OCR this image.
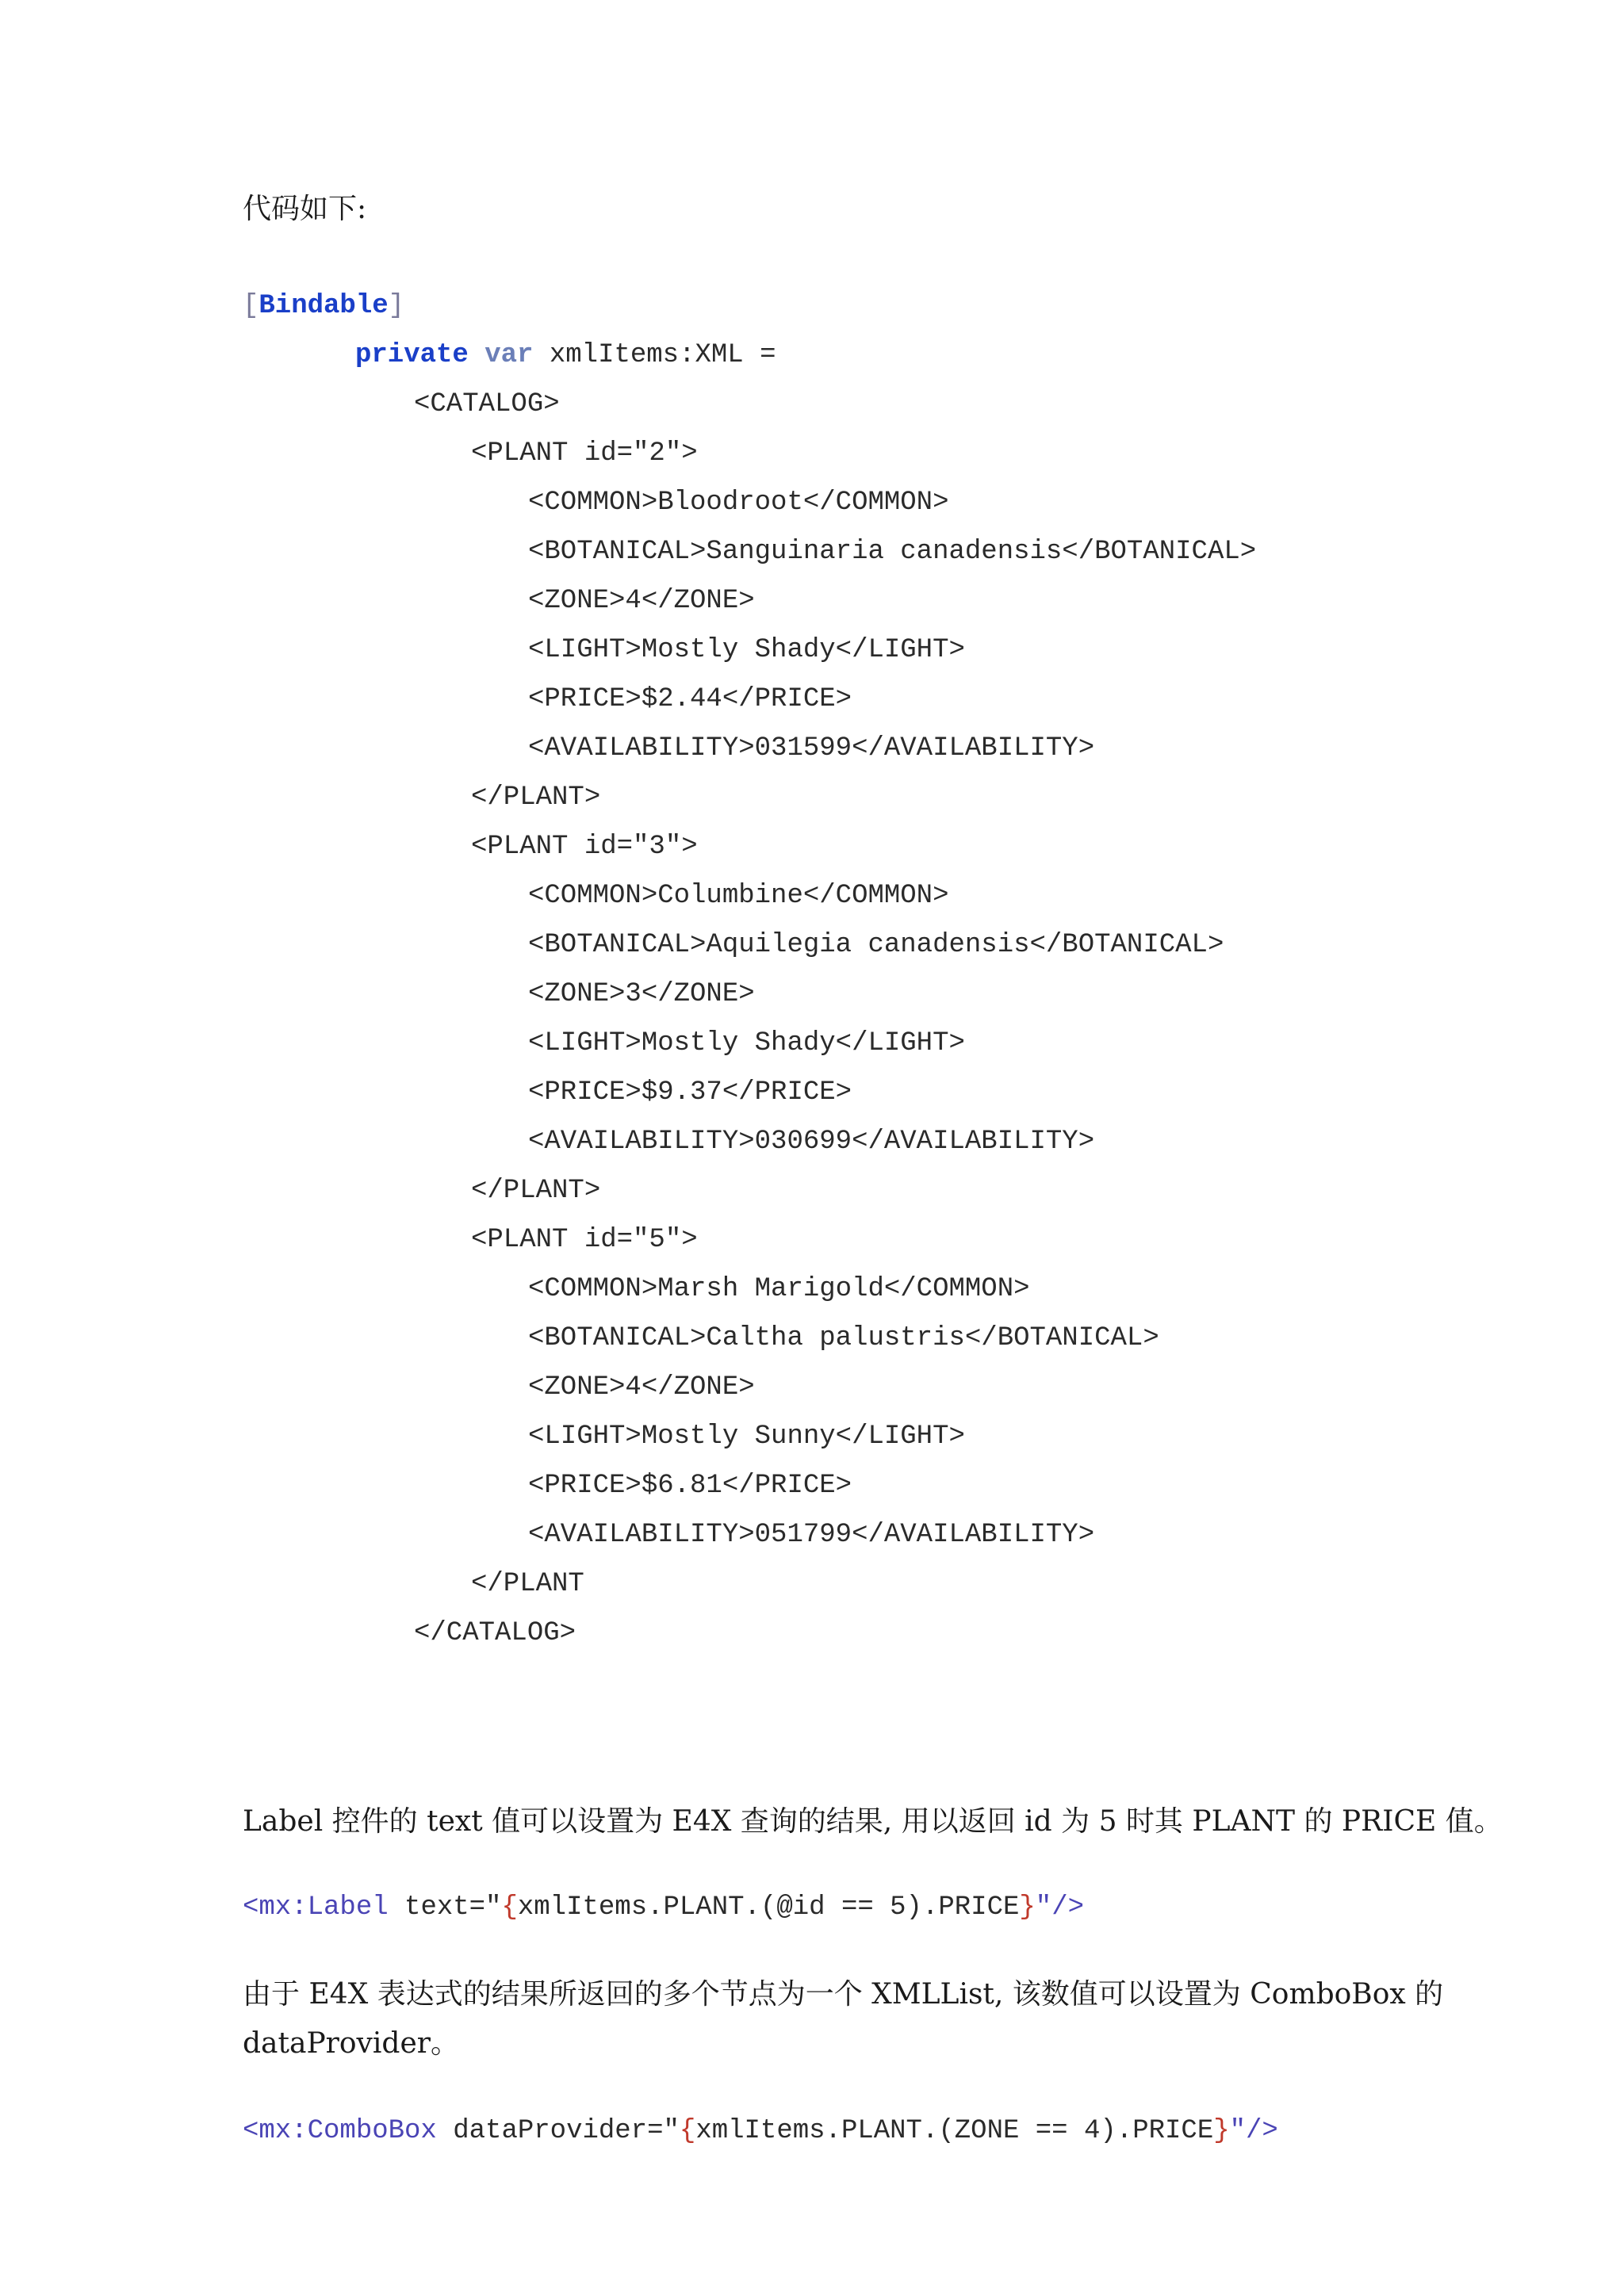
代码如下:
[Bindable]
private var xmlItems:XML =
<CATALOG>
<PLANT id="2">
<COMMON>Bloodroot</COMMON>
<BOTANICAL>Sanguinaria canadensis</BOTANICAL>
<ZONE>4</ZONE>
<LIGHT>Mostly Shady</LIGHT>
<PRICE>$2.44</PRICE>
<AVAILABILITY>031599</AVAILABILITY>
</PLANT>
<PLANT id="3">
<COMMON>Columbine</COMMON>
<BOTANICAL>Aquilegia canadensis</BOTANICAL>
<ZONE>3</ZONE>
<LIGHT>Mostly Shady</LIGHT>
<PRICE>$9.37</PRICE>
<AVAILABILITY>030699</AVAILABILITY>
</PLANT>
<PLANT id="5">
<COMMON>Marsh Marigold</COMMON>
<BOTANICAL>Caltha palustris</BOTANICAL>
<ZONE>4</ZONE>
<LIGHT>Mostly Sunny</LIGHT>
<PRICE>$6.81</PRICE>
<AVAILABILITY>051799</AVAILABILITY>
</PLANT
</CATALOG>
Label 控件的 text 值可以设置为 E4X 查询的结果, 用以返回 id 为 5 时其 PLANT 的 PRICE 值。
<mx:Label text="{xmlItems.PLANT.(@id == 5).PRICE}"/>
由于 E4X 表达式的结果所返回的多个节点为一个 XMLList, 该数值可以设置为 ComboBox 的
dataProvider。
<mx:ComboBox dataProvider="{xmlItems.PLANT.(ZONE == 4).PRICE}"/>
